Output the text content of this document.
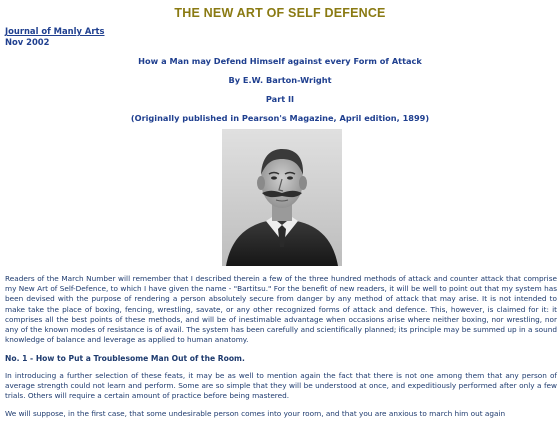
THE NEW ART OF SELF DEFENCE
Journal of Manly Arts
Nov 2002
How a Man may Defend Himself against every Form of Attack
By E.W. Barton-Wright
Part II
(Originally published in Pearson's Magazine, April edition, 1899)
Readers of the March Number will remember that I described therein a few of the three hundred methods of attack and counter attack that comprise my New Art of Self-Defence, to which I have given the name - "Bartitsu." For the benefit of new readers, it will be well to point out that my system has been devised with the purpose of rendering a person absolutely secure from danger by any method of attack that may arise. It is not intended to make take the place of boxing, fencing, wrestling, savate, or any other recognized forms of attack and defence. This, however, is claimed for it: it comprises all the best points of these methods, and will be of inestimable advantage when occasions arise where neither boxing, nor wrestling, nor any of the known modes of resistance is of avail. The system has been carefully and scientifically planned; its principle may be summed up in a sound knowledge of balance and leverage as applied to human anatomy.
No. 1 - How to Put a Troublesome Man Out of the Room.
In introducing a further selection of these feats, it may be as well to mention again the fact that there is not one among them that any person of average strength could not learn and perform. Some are so simple that they will be understood at once, and expeditiously performed after only a few trials. Others will require a certain amount of practice before being mastered.
We will suppose, in the first case, that some undesirable person comes into your room, and that you are anxious to march him out again
